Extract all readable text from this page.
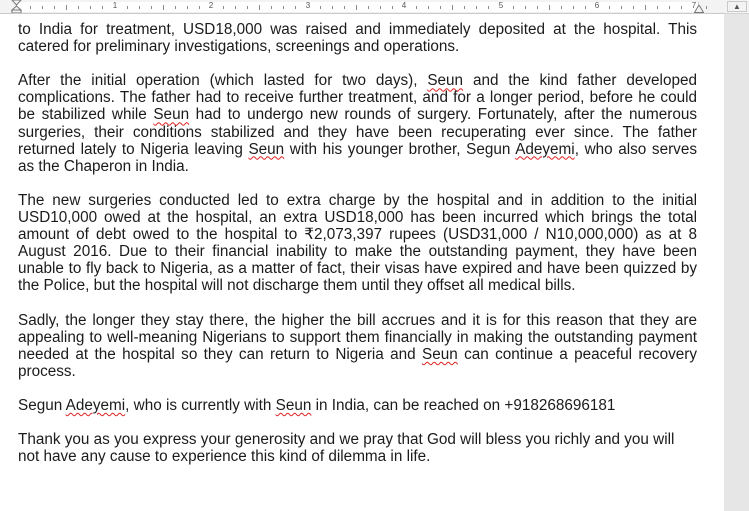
1	2	3	4	5	6	7	▲

to India for treatment, USD18,000 was raised and immediately deposited at the hospital. This catered for preliminary investigations, screenings and operations.

After the initial operation (which lasted for two days), Seun and the kind father developed complications. The father had to receive further treatment, and for a longer period, before he could be stabilized while Seun had to undergo new rounds of surgery. Fortunately, after the numerous surgeries, their conditions stabilized and they have been recuperating ever since. The father returned lately to Nigeria leaving Seun with his younger brother, Segun Adeyemi, who also serves as the Chaperon in India.

The new surgeries conducted led to extra charge by the hospital and in addition to the initial USD10,000 owed at the hospital, an extra USD18,000 has been incurred which brings the total amount of debt owed to the hospital to ₹2,073,397 rupees (USD31,000 / N10,000,000) as at 8 August 2016. Due to their financial inability to make the outstanding payment, they have been unable to fly back to Nigeria, as a matter of fact, their visas have expired and have been quizzed by the Police, but the hospital will not discharge them until they offset all medical bills.

Sadly, the longer they stay there, the higher the bill accrues and it is for this reason that they are appealing to well-meaning Nigerians to support them financially in making the outstanding payment needed at the hospital so they can return to Nigeria and Seun can continue a peaceful recovery process.

Segun Adeyemi, who is currently with Seun in India, can be reached on +918268696181

Thank you as you express your generosity and we pray that God will bless you richly and you will not have any cause to experience this kind of dilemma in life.
